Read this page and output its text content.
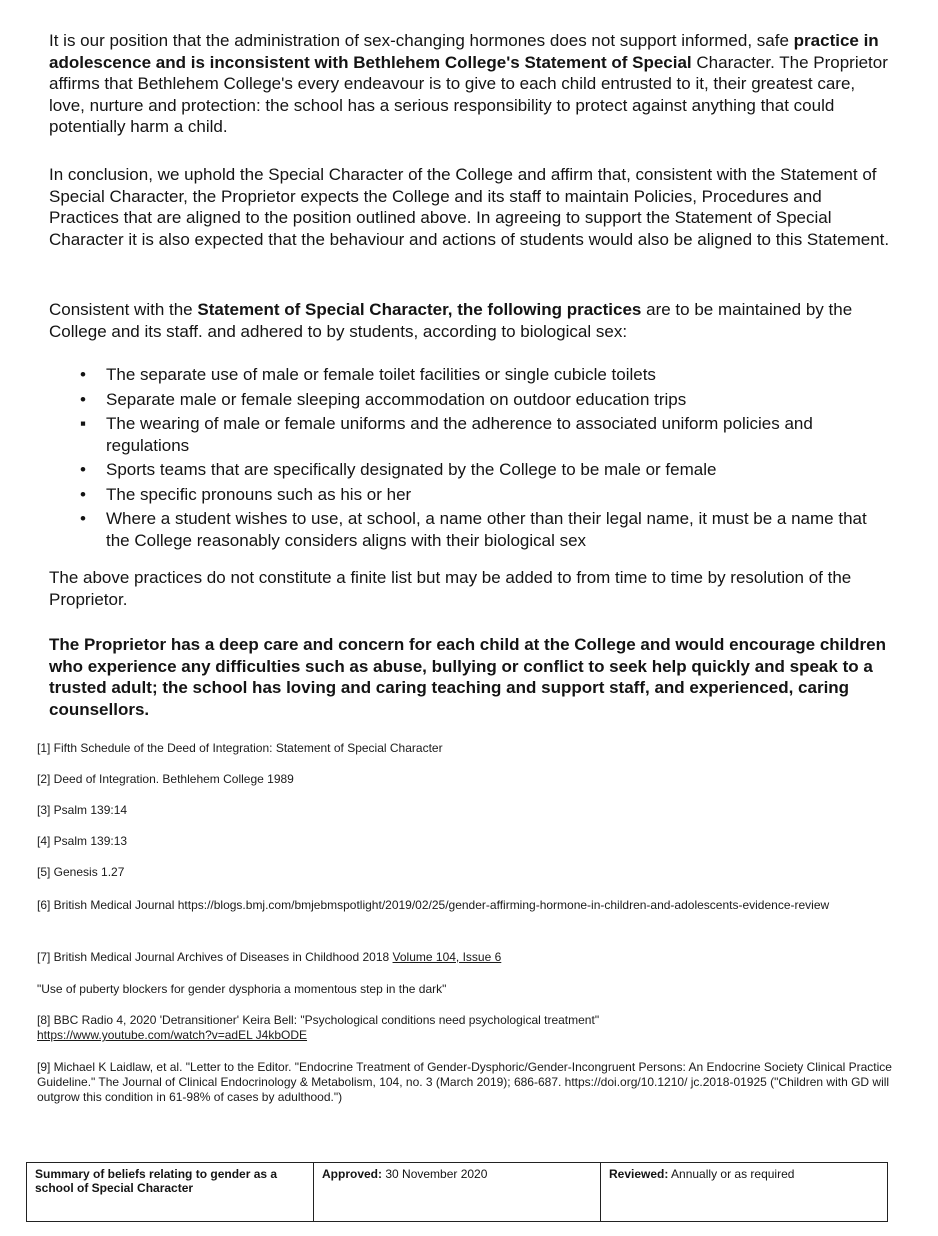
It is our position that the administration of sex-changing hormones does not support informed, safe practice in adolescence and is inconsistent with Bethlehem College's Statement of Special Character. The Proprietor affirms that Bethlehem College's every endeavour is to give to each child entrusted to it, their greatest care, love, nurture and protection: the school has a serious responsibility to protect against anything that could potentially harm a child.

In conclusion, we uphold the Special Character of the College and affirm that, consistent with the Statement of Special Character, the Proprietor expects the College and its staff to maintain Policies, Procedures and Practices that are aligned to the position outlined above. In agreeing to support the Statement of Special Character it is also expected that the behaviour and actions of students would also be aligned to this Statement.

Consistent with the Statement of Special Character, the following practices are to be maintained by the College and its staff. and adhered to by students, according to biological sex:

• The separate use of male or female toilet facilities or single cubicle toilets
• Separate male or female sleeping accommodation on outdoor education trips
▪ The wearing of male or female uniforms and the adherence to associated uniform policies and regulations
• Sports teams that are specifically designated by the College to be male or female
• The specific pronouns such as his or her
• Where a student wishes to use, at school, a name other than their legal name, it must be a name that the College reasonably considers aligns with their biological sex

The above practices do not constitute a finite list but may be added to from time to time by resolution of the Proprietor.

The Proprietor has a deep care and concern for each child at the College and would encourage children who experience any difficulties such as abuse, bullying or conflict to seek help quickly and speak to a trusted adult; the school has loving and caring teaching and support staff, and experienced, caring counsellors.

[1] Fifth Schedule of the Deed of Integration: Statement of Special Character

[2] Deed of Integration. Bethlehem College 1989

[3] Psalm 139:14

[4] Psalm 139:13

[5] Genesis 1.27

[6] British Medical Journal https://blogs.bmj.com/bmjebmspotlight/2019/02/25/gender-affirming-hormone-in-children-and-adolescents-evidence-review

[7] British Medical Journal Archives of Diseases in Childhood 2018 Volume 104, Issue 6

"Use of puberty blockers for gender dysphoria a momentous step in the dark"

[8] BBC Radio 4, 2020 'Detransitioner' Keira Bell: "Psychological conditions need psychological treatment"
https://www.youtube.com/watch?v=adEL J4kbODE

[9] Michael K Laidlaw, et al. "Letter to the Editor. "Endocrine Treatment of Gender-Dysphoric/Gender-Incongruent Persons: An Endocrine Society Clinical Practice Guideline." The Journal of Clinical Endocrinology & Metabolism, 104, no. 3 (March 2019); 686-687. https://doi.org/10.1210/ jc.2018-01925 ("Children with GD will outgrow this condition in 61-98% of cases by adulthood.")

Summary of beliefs relating to gender as a school of Special Character	Approved: 30 November 2020	Reviewed: Annually or as required
